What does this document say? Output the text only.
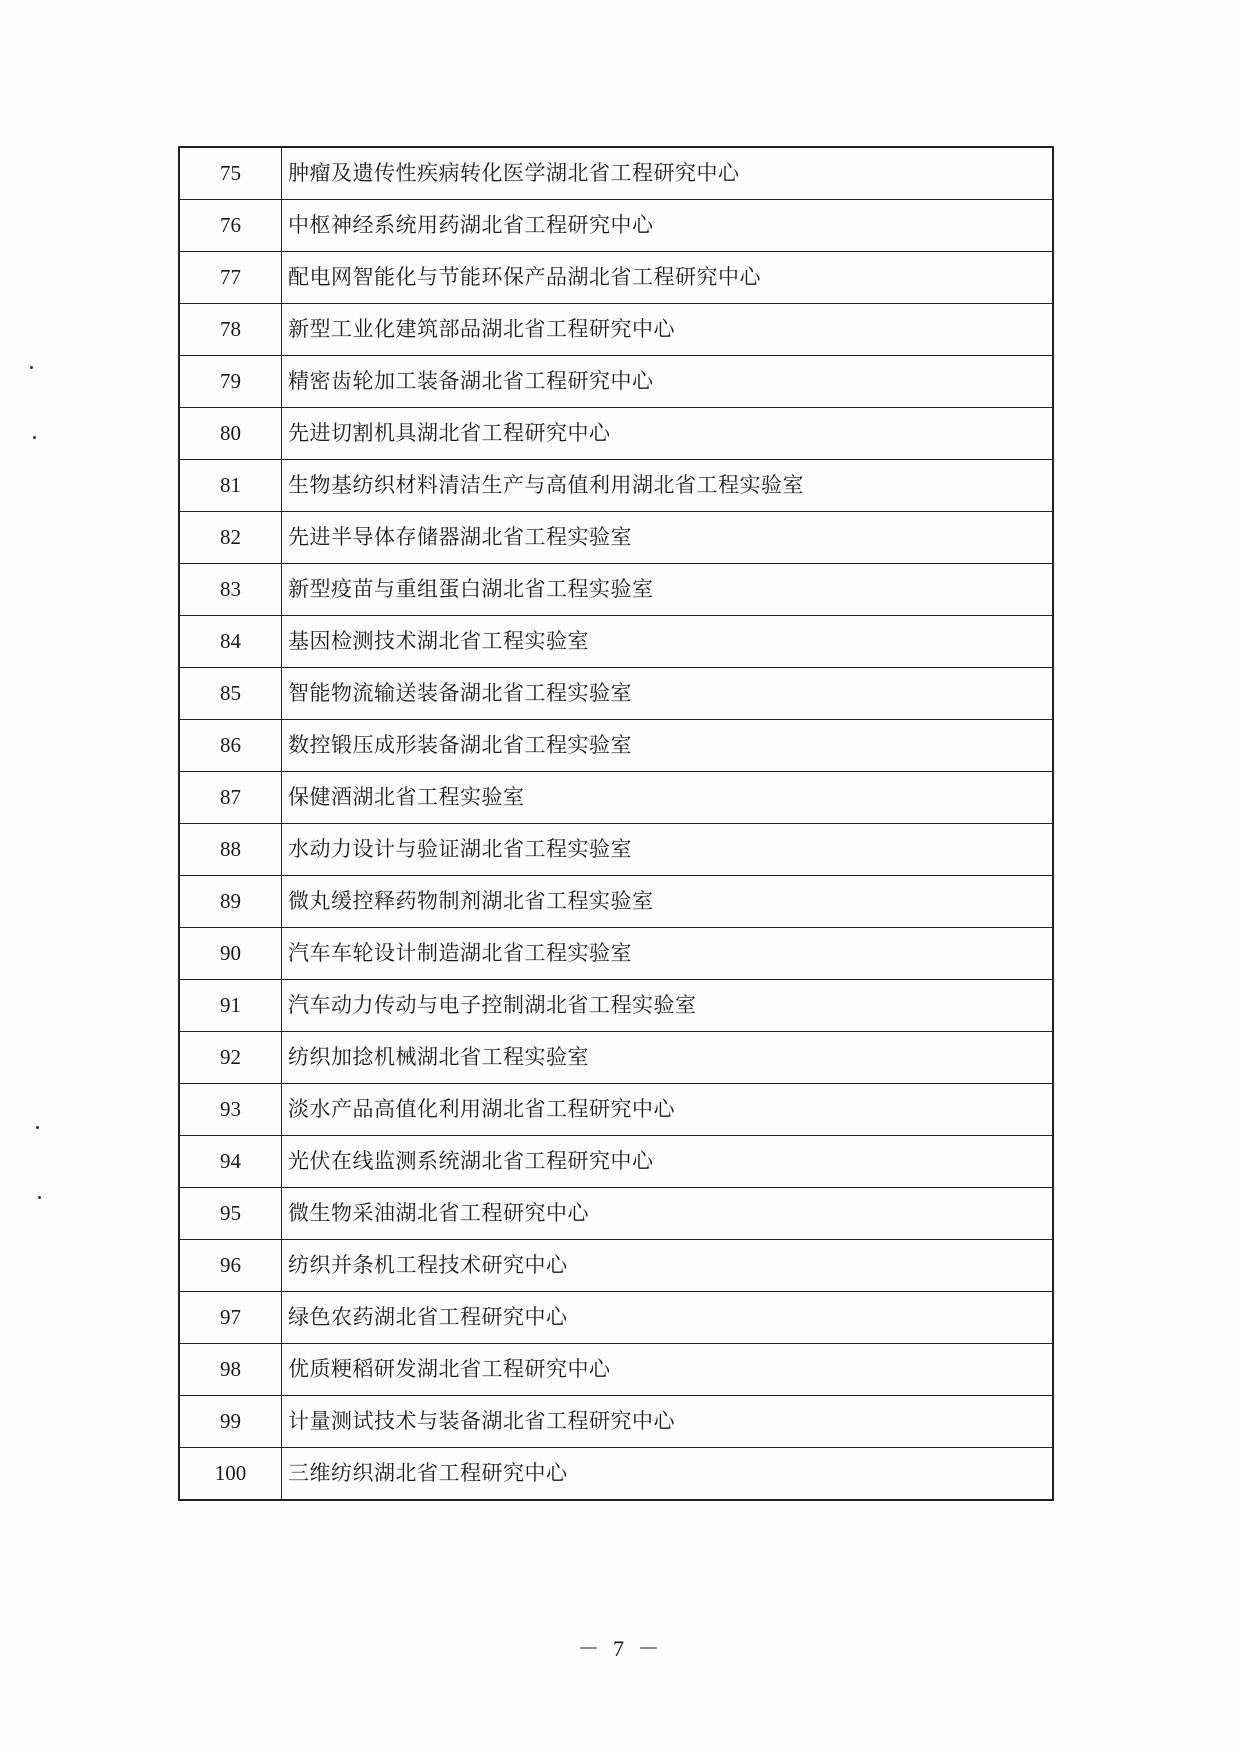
75	肿瘤及遗传性疾病转化医学湖北省工程研究中心
76	中枢神经系统用药湖北省工程研究中心
77	配电网智能化与节能环保产品湖北省工程研究中心
78	新型工业化建筑部品湖北省工程研究中心
79	精密齿轮加工装备湖北省工程研究中心
80	先进切割机具湖北省工程研究中心
81	生物基纺织材料清洁生产与高值利用湖北省工程实验室
82	先进半导体存储器湖北省工程实验室
83	新型疫苗与重组蛋白湖北省工程实验室
84	基因检测技术湖北省工程实验室
85	智能物流输送装备湖北省工程实验室
86	数控锻压成形装备湖北省工程实验室
87	保健酒湖北省工程实验室
88	水动力设计与验证湖北省工程实验室
89	微丸缓控释药物制剂湖北省工程实验室
90	汽车车轮设计制造湖北省工程实验室
91	汽车动力传动与电子控制湖北省工程实验室
92	纺织加捻机械湖北省工程实验室
93	淡水产品高值化利用湖北省工程研究中心
94	光伏在线监测系统湖北省工程研究中心
95	微生物采油湖北省工程研究中心
96	纺织并条机工程技术研究中心
97	绿色农药湖北省工程研究中心
98	优质粳稻研发湖北省工程研究中心
99	计量测试技术与装备湖北省工程研究中心
100	三维纺织湖北省工程研究中心
－ 7 －
